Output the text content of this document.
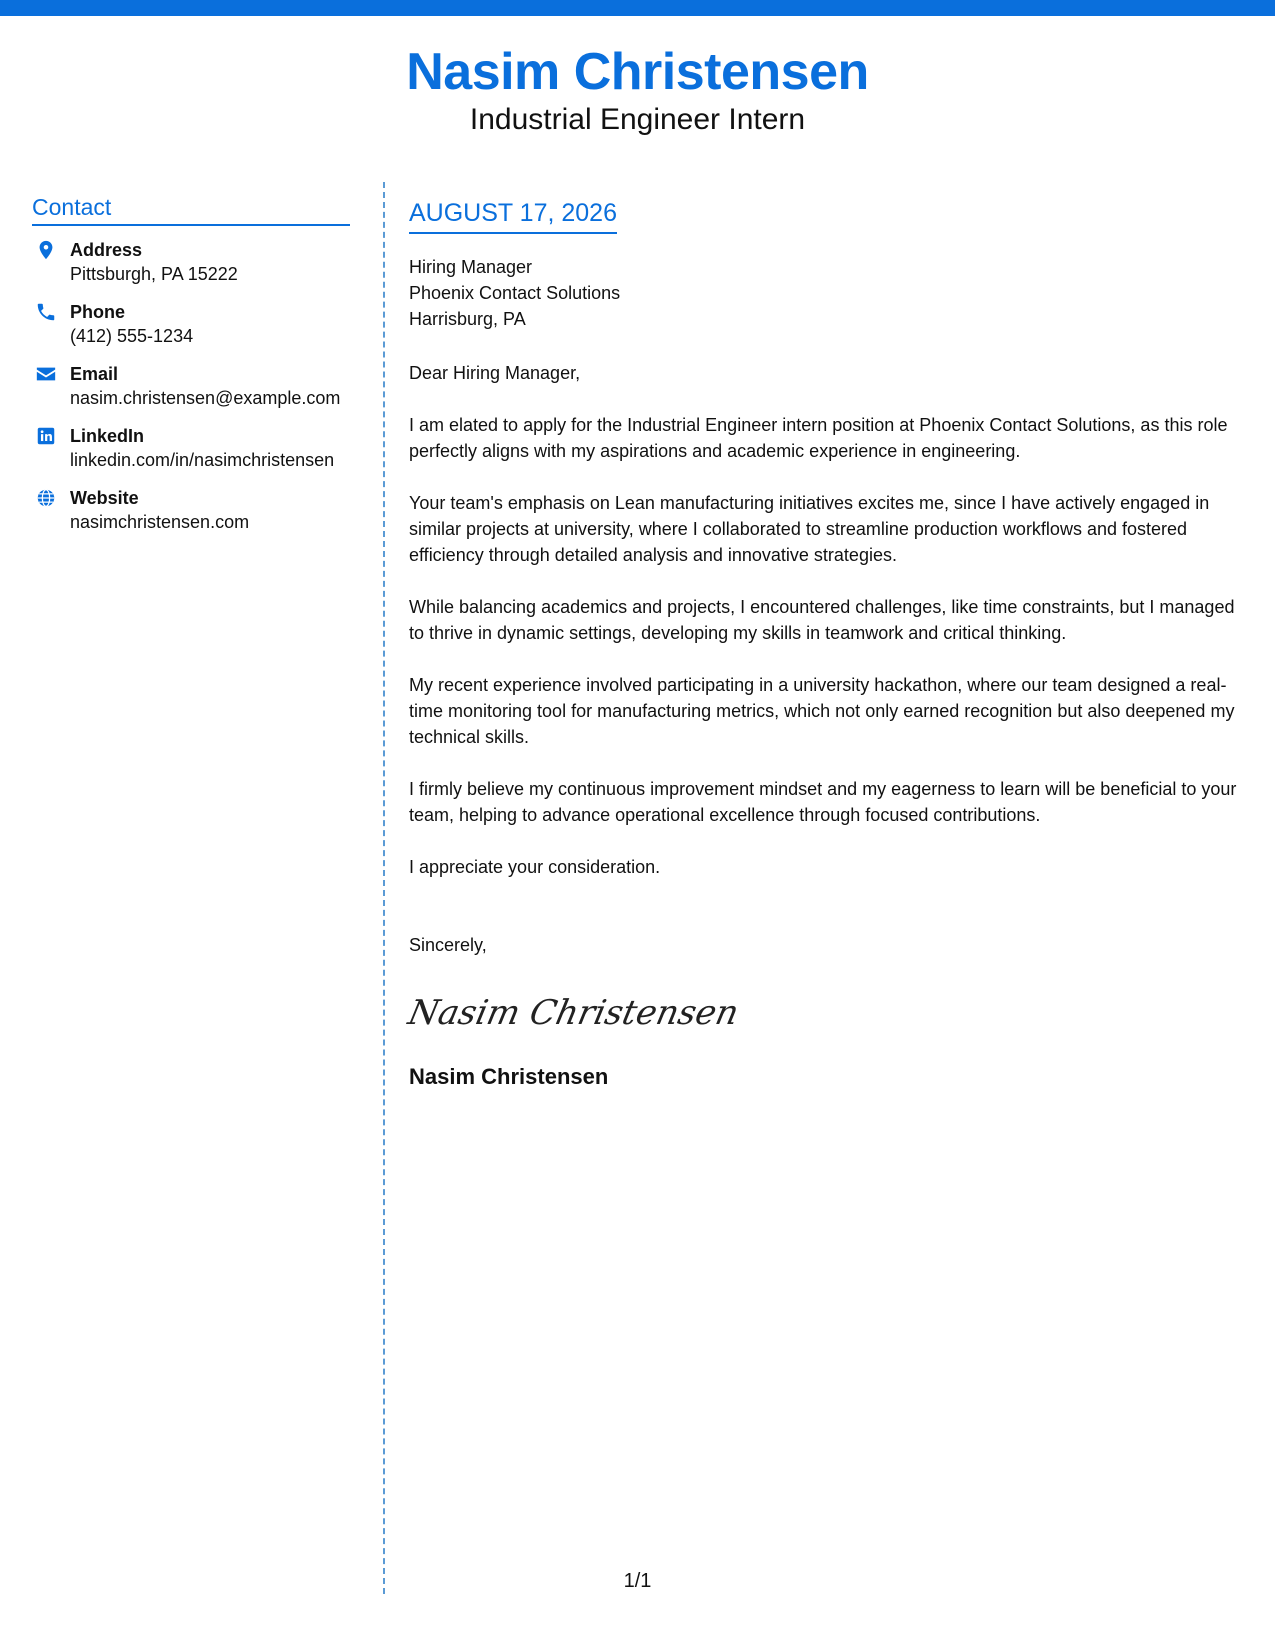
Nasim Christensen
Industrial Engineer Intern
Contact
Address
Pittsburgh, PA 15222
Phone
(412) 555-1234
Email
nasim.christensen@example.com
LinkedIn
linkedin.com/in/nasimchristensen
Website
nasimchristensen.com
AUGUST 17, 2026
Hiring Manager
Phoenix Contact Solutions
Harrisburg, PA

Dear Hiring Manager,

I am elated to apply for the Industrial Engineer intern position at Phoenix Contact Solutions, as this role perfectly aligns with my aspirations and academic experience in engineering.

Your team's emphasis on Lean manufacturing initiatives excites me, since I have actively engaged in similar projects at university, where I collaborated to streamline production workflows and fostered efficiency through detailed analysis and innovative strategies.

While balancing academics and projects, I encountered challenges, like time constraints, but I managed to thrive in dynamic settings, developing my skills in teamwork and critical thinking.

My recent experience involved participating in a university hackathon, where our team designed a real-time monitoring tool for manufacturing metrics, which not only earned recognition but also deepened my technical skills.

I firmly believe my continuous improvement mindset and my eagerness to learn will be beneficial to your team, helping to advance operational excellence through focused contributions.

I appreciate your consideration.

Sincerely,

Nasim Christensen
Nasim Christensen
1/1
